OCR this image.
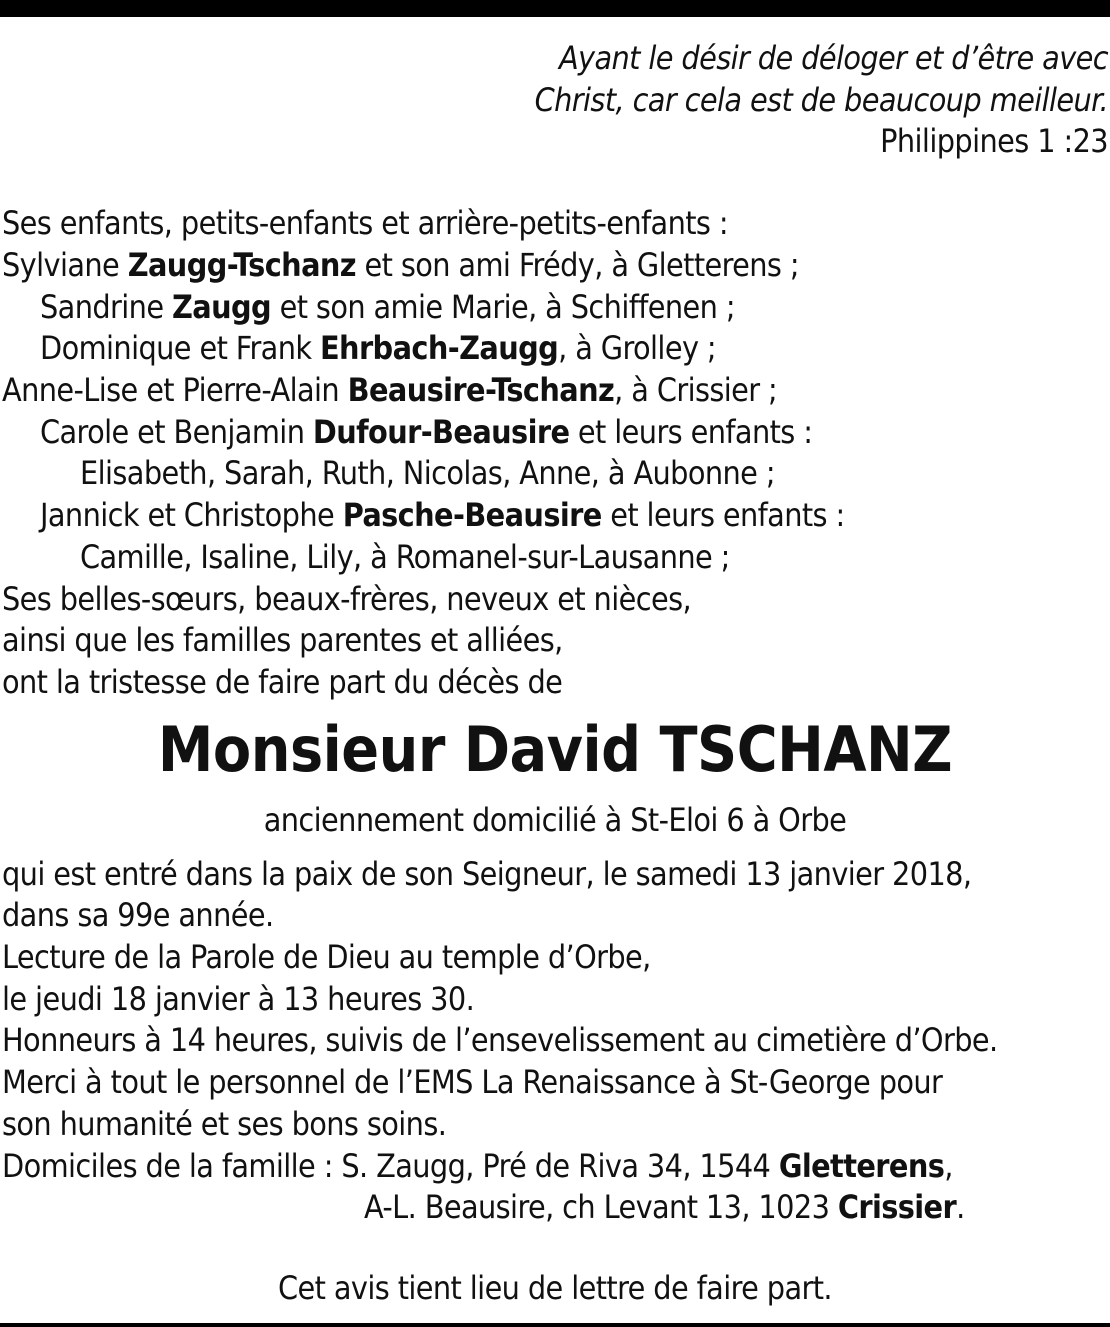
Ayant le désir de déloger et d’être avec
Christ, car cela est de beaucoup meilleur.
Philippines 1 :23
Ses enfants, petits-enfants et arrière-petits-enfants :
Sylviane Zaugg-Tschanz et son ami Frédy, à Gletterens ;
Sandrine Zaugg et son amie Marie, à Schiffenen ;
Dominique et Frank Ehrbach-Zaugg, à Grolley ;
Anne-Lise et Pierre-Alain Beausire-Tschanz, à Crissier ;
Carole et Benjamin Dufour-Beausire et leurs enfants :
Elisabeth, Sarah, Ruth, Nicolas, Anne, à Aubonne ;
Jannick et Christophe Pasche-Beausire et leurs enfants :
Camille, Isaline, Lily, à Romanel-sur-Lausanne ;
Ses belles-sœurs, beaux-frères, neveux et nièces,
ainsi que les familles parentes et alliées,
ont la tristesse de faire part du décès de
Monsieur David TSCHANZ
anciennement domicilié à St-Eloi 6 à Orbe
qui est entré dans la paix de son Seigneur, le samedi 13 janvier 2018,
dans sa 99e année.
Lecture de la Parole de Dieu au temple d’Orbe,
le jeudi 18 janvier à 13 heures 30.
Honneurs à 14 heures, suivis de l’ensevelissement au cimetière d’Orbe.
Merci à tout le personnel de l’EMS La Renaissance à St-George pour
son humanité et ses bons soins.
Domiciles de la famille : S. Zaugg, Pré de Riva 34, 1544 Gletterens,
A-L. Beausire, ch Levant 13, 1023 Crissier.
Cet avis tient lieu de lettre de faire part.
